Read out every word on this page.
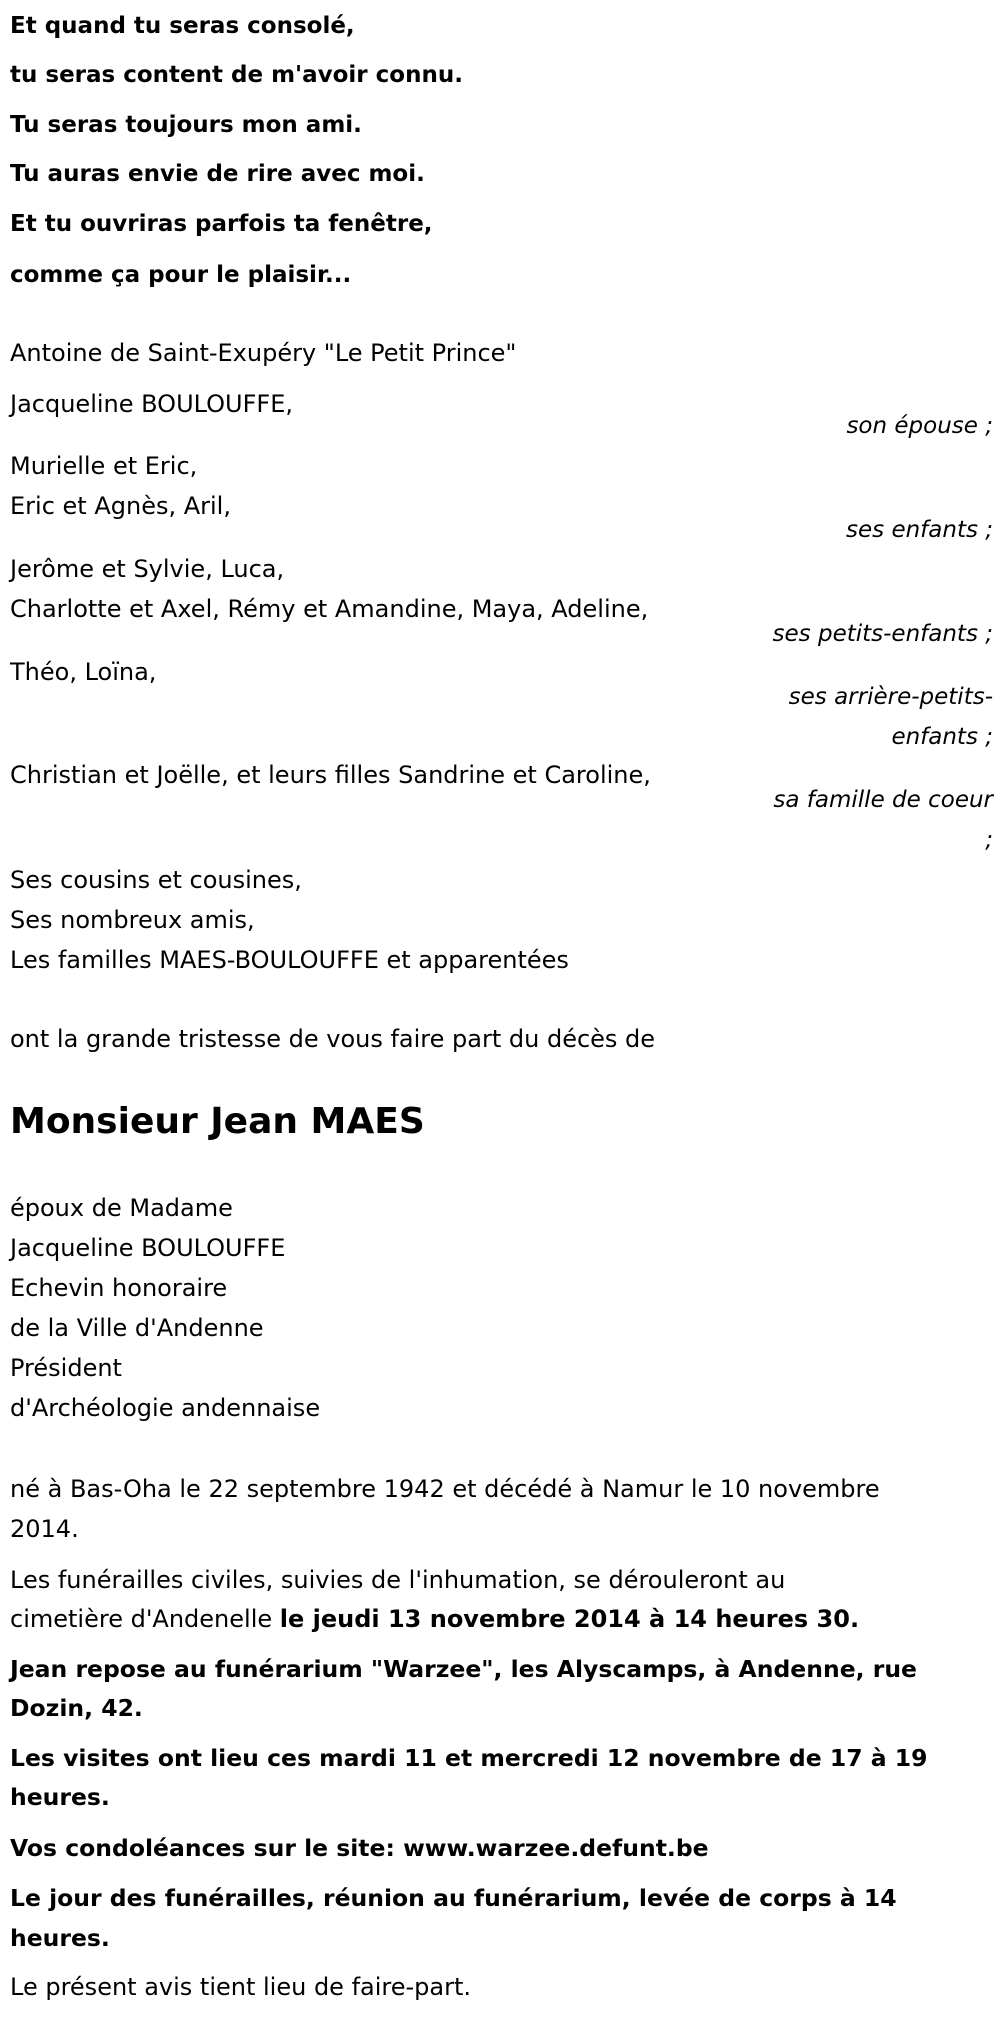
Et quand tu seras consolé,
tu seras content de m'avoir connu.
Tu seras toujours mon ami.
Tu auras envie de rire avec moi.
Et tu ouvriras parfois ta fenêtre,
comme ça pour le plaisir...
Antoine de Saint-Exupéry "Le Petit Prince"
Jacqueline BOULOUFFE,
son épouse ;
Murielle et Eric,
Eric et Agnès, Aril,
ses enfants ;
Jerôme et Sylvie, Luca,
Charlotte et Axel, Rémy et Amandine, Maya, Adeline,
ses petits-enfants ;
Théo, Loïna,
ses arrière-petits-
enfants ;
Christian et Joëlle, et leurs filles Sandrine et Caroline,
sa famille de coeur
;
Ses cousins et cousines,
Ses nombreux amis,
Les familles MAES-BOULOUFFE et apparentées
ont la grande tristesse de vous faire part du décès de
Monsieur Jean MAES
époux de Madame
Jacqueline BOULOUFFE
Echevin honoraire
de la Ville d'Andenne
Président
d'Archéologie andennaise
né à Bas-Oha le 22 septembre 1942 et décédé à Namur le 10 novembre
2014.
Les funérailles civiles, suivies de l'inhumation, se dérouleront au
cimetière d'Andenelle le jeudi 13 novembre 2014 à 14 heures 30.
Jean repose au funérarium "Warzee", les Alyscamps, à Andenne, rue
Dozin, 42.
Les visites ont lieu ces mardi 11 et mercredi 12 novembre de 17 à 19
heures.
Vos condoléances sur le site: www.warzee.defunt.be
Le jour des funérailles, réunion au funérarium, levée de corps à 14
heures.
Le présent avis tient lieu de faire-part.
